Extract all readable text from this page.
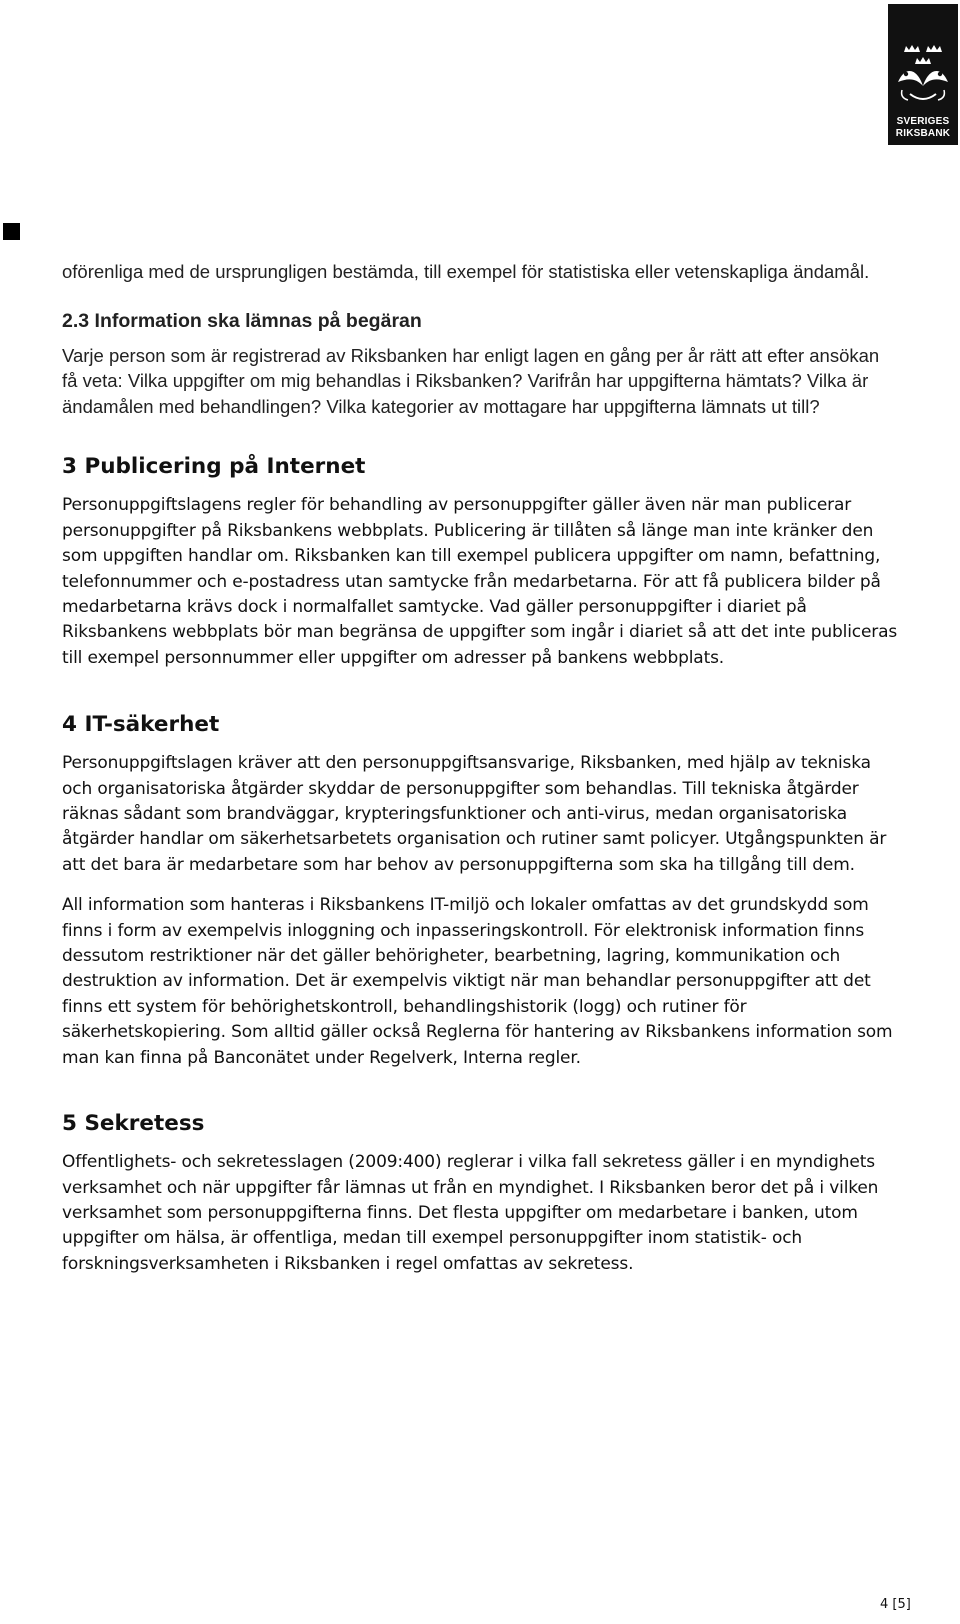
SVERIGES
RIKSBANK

oförenliga med de ursprungligen bestämda, till exempel för statistiska eller vetenskapliga ändamål.

2.3 Information ska lämnas på begäran

Varje person som är registrerad av Riksbanken har enligt lagen en gång per år rätt att efter ansökan få veta: Vilka uppgifter om mig behandlas i Riksbanken? Varifrån har uppgifterna hämtats? Vilka är ändamålen med behandlingen? Vilka kategorier av mottagare har uppgifterna lämnats ut till?

3 Publicering på Internet

Personuppgiftslagens regler för behandling av personuppgifter gäller även när man publicerar personuppgifter på Riksbankens webbplats. Publicering är tillåten så länge man inte kränker den som uppgiften handlar om. Riksbanken kan till exempel publicera uppgifter om namn, befattning, telefonnummer och e-postadress utan samtycke från medarbetarna. För att få publicera bilder på medarbetarna krävs dock i normalfallet samtycke. Vad gäller personuppgifter i diariet på Riksbankens webbplats bör man begränsa de uppgifter som ingår i diariet så att det inte publiceras till exempel personnummer eller uppgifter om adresser på bankens webbplats.

4 IT-säkerhet

Personuppgiftslagen kräver att den personuppgiftsansvarige, Riksbanken, med hjälp av tekniska och organisatoriska åtgärder skyddar de personuppgifter som behandlas. Till tekniska åtgärder räknas sådant som brandväggar, krypteringsfunktioner och anti-virus, medan organisatoriska åtgärder handlar om säkerhetsarbetets organisation och rutiner samt policyer. Utgångspunkten är att det bara är medarbetare som har behov av personuppgifterna som ska ha tillgång till dem.

All information som hanteras i Riksbankens IT-miljö och lokaler omfattas av det grundskydd som finns i form av exempelvis inloggning och inpasseringskontroll. För elektronisk information finns dessutom restriktioner när det gäller behörigheter, bearbetning, lagring, kommunikation och destruktion av information. Det är exempelvis viktigt när man behandlar personuppgifter att det finns ett system för behörighetskontroll, behandlingshistorik (logg) och rutiner för säkerhetskopiering. Som alltid gäller också Reglerna för hantering av Riksbankens information som man kan finna på Banconätet under Regelverk, Interna regler.

5 Sekretess

Offentlighets- och sekretesslagen (2009:400) reglerar i vilka fall sekretess gäller i en myndighets verksamhet och när uppgifter får lämnas ut från en myndighet. I Riksbanken beror det på i vilken verksamhet som personuppgifterna finns. Det flesta uppgifter om medarbetare i banken, utom uppgifter om hälsa, är offentliga, medan till exempel personuppgifter inom statistik- och forskningsverksamheten i Riksbanken i regel omfattas av sekretess.

4 [5]
